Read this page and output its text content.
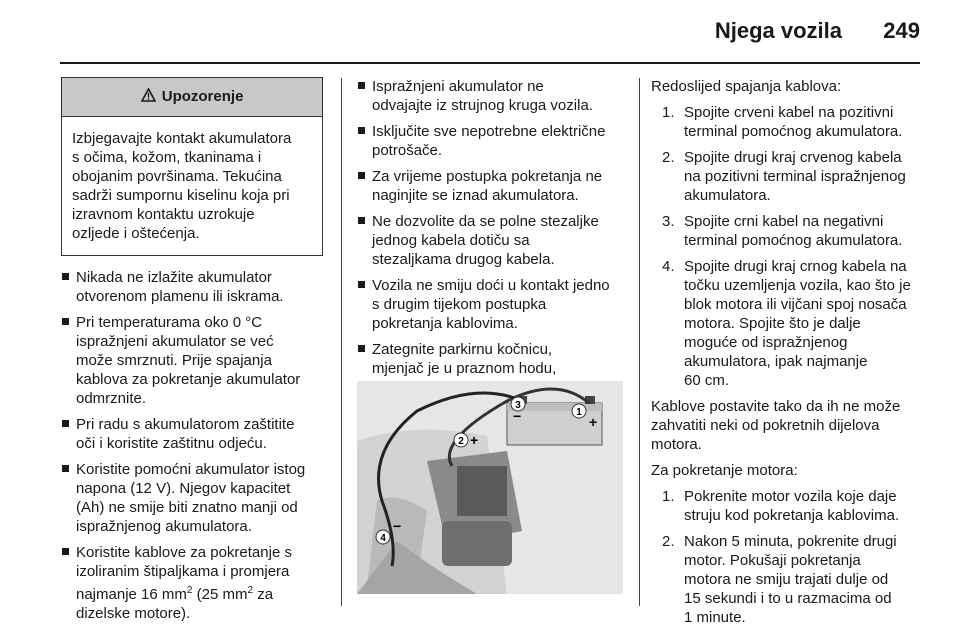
Njega vozila 249
Upozorenje
Izbjegavajte kontakt akumulatora
s očima, kožom, tkaninama i
obojanim površinama. Tekućina
sadrži sumpornu kiselinu koja pri
izravnom kontaktu uzrokuje
ozljede i oštećenja.
Nikada ne izlažite akumulator
otvorenom plamenu ili iskrama.
Pri temperaturama oko 0 °C
ispražnjeni akumulator se već
može smrznuti. Prije spajanja
kablova za pokretanje akumulator
odmrznite.
Pri radu s akumulatorom zaštitite
oči i koristite zaštitnu odjeću.
Koristite pomoćni akumulator istog
napona (12 V). Njegov kapacitet
(Ah) ne smije biti znatno manji od
ispražnjenog akumulatora.
Koristite kablove za pokretanje s
izoliranim štipaljkama i promjera
najmanje 16 $mm^2$ (25 $mm^2$ za
dizelske motore).
Ispražnjeni akumulator ne
odvajajte iz strujnog kruga vozila.
Isključite sve nepotrebne električne
potrošače.
Za vrijeme postupka pokretanja ne
naginjite se iznad akumulatora.
Ne dozvolite da se polne stezaljke
jednog kabela dotiču sa
stezaljkama drugog kabela.
Vozila ne smiju doći u kontakt jedno
s drugim tijekom postupka
pokretanja kablovima.
Zategnite parkirnu kočnicu,
mjenjač je u praznom hodu,

1
+
3
−
2 +
4
−

Redoslijed spajanja kablova:

1. Spojite crveni kabel na pozitivni
terminal pomoćnog akumulatora.
2. Spojite drugi kraj crvenog kabela
na pozitivni terminal ispražnjenog
akumulatora.
3. Spojite crni kabel na negativni
terminal pomoćnog akumulatora.
4. Spojite drugi kraj crnog kabela na
točku uzemljenja vozila, kao što je
blok motora ili vijčani spoj nosača
motora. Spojite što je dalje
moguće od ispražnjenog
akumulatora, ipak najmanje
60 cm.

Kablove postavite tako da ih ne može
zahvatiti neki od pokretnih dijelova
motora.

Za pokretanje motora:

1. Pokrenite motor vozila koje daje
struju kod pokretanja kablovima.
2. Nakon 5 minuta, pokrenite drugi
motor. Pokušaji pokretanja
motora ne smiju trajati dulje od
15 sekundi i to u razmacima od
1 minute.
